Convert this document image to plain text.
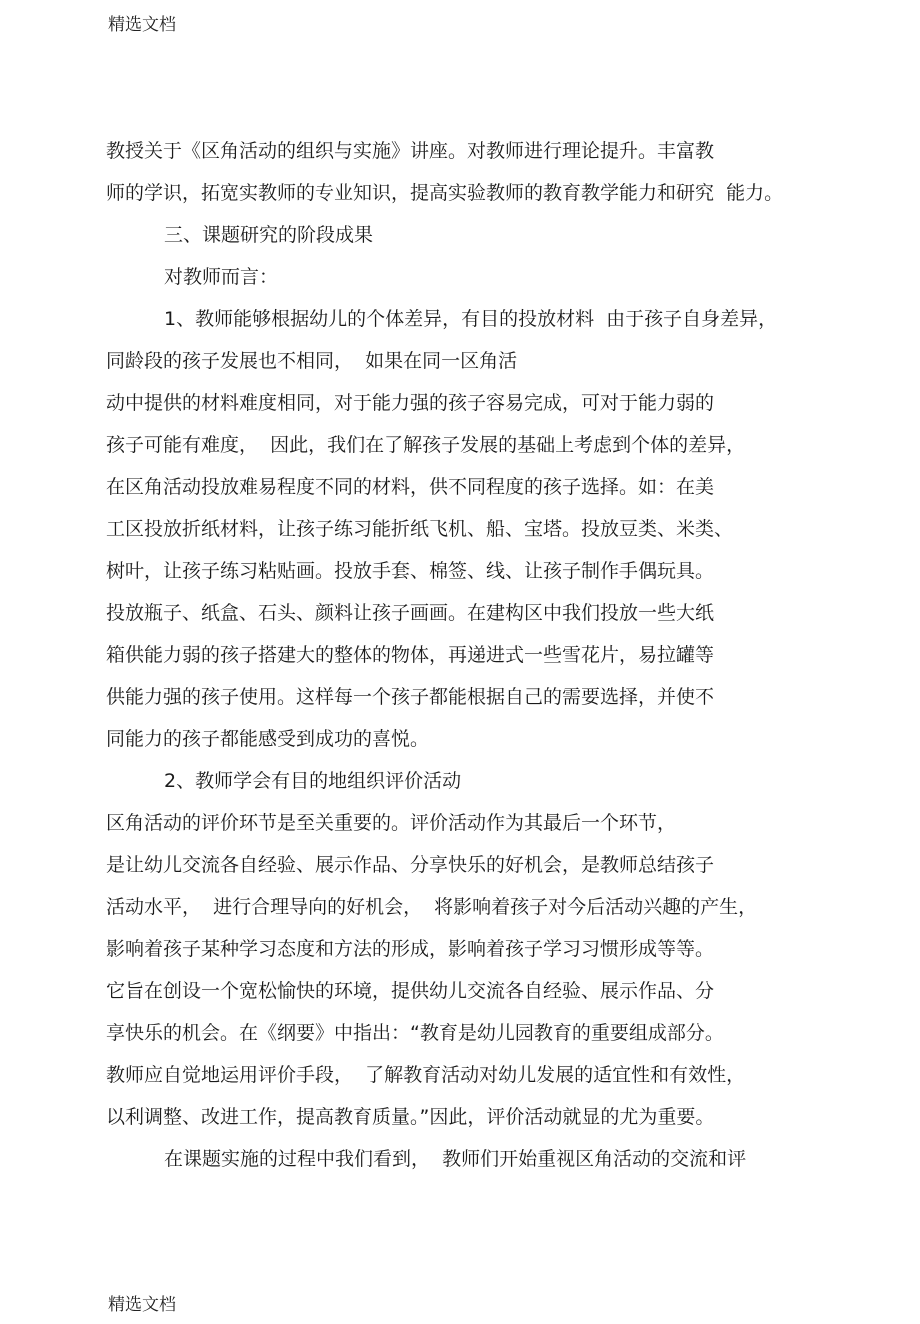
精选文档
教授关于《区角活动的组织与实施》讲座。对教师进行理论提升。丰富教
师的学识，拓宽实教师的专业知识，提高实验教师的教育教学能力和研究  能力。
三、课题研究的阶段成果
对教师而言：
1、教师能够根据幼儿的个体差异，有目的投放材料  由于孩子自身差异，
同龄段的孩子发展也不相同，  如果在同一区角活
动中提供的材料难度相同，对于能力强的孩子容易完成，可对于能力弱的
孩子可能有难度，  因此，我们在了解孩子发展的基础上考虑到个体的差异，
在区角活动投放难易程度不同的材料，供不同程度的孩子选择。如：在美
工区投放折纸材料，让孩子练习能折纸飞机、船、宝塔。投放豆类、米类、
树叶，让孩子练习粘贴画。投放手套、棉签、线、让孩子制作手偶玩具。
投放瓶子、纸盒、石头、颜料让孩子画画。在建构区中我们投放一些大纸
箱供能力弱的孩子搭建大的整体的物体，再递进式一些雪花片，易拉罐等
供能力强的孩子使用。这样每一个孩子都能根据自己的需要选择，并使不
同能力的孩子都能感受到成功的喜悦。
2、教师学会有目的地组织评价活动
区角活动的评价环节是至关重要的。评价活动作为其最后一个环节，
是让幼儿交流各自经验、展示作品、分享快乐的好机会，是教师总结孩子
活动水平，  进行合理导向的好机会，  将影响着孩子对今后活动兴趣的产生，
影响着孩子某种学习态度和方法的形成，影响着孩子学习习惯形成等等。
它旨在创设一个宽松愉快的环境，提供幼儿交流各自经验、展示作品、分
享快乐的机会。在《纲要》中指出：“教育是幼儿园教育的重要组成部分。
教师应自觉地运用评价手段，  了解教育活动对幼儿发展的适宜性和有效性，
以利调整、改进工作，提高教育质量。”因此，评价活动就显的尤为重要。
在课题实施的过程中我们看到，  教师们开始重视区角活动的交流和评
精选文档
